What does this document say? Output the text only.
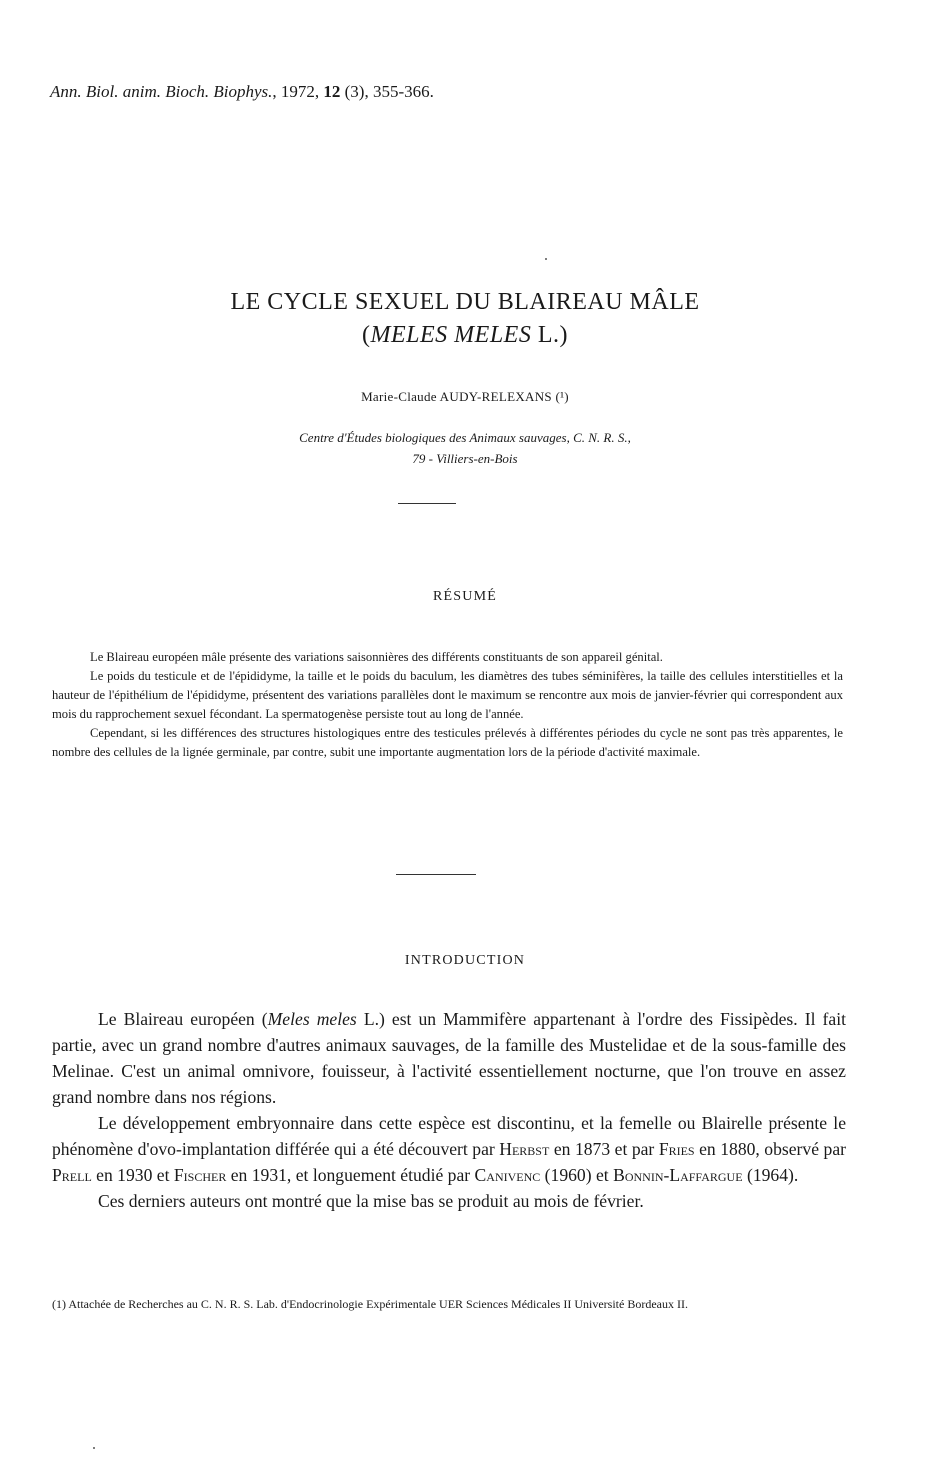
Ann. Biol. anim. Bioch. Biophys., 1972, 12 (3), 355-366.
LE CYCLE SEXUEL DU BLAIREAU MÂLE
(MELES MELES L.)
Marie-Claude AUDY-RELEXANS (¹)
Centre d'Études biologiques des Animaux sauvages, C. N. R. S.,
79 - Villiers-en-Bois
RÉSUMÉ

Le Blaireau européen mâle présente des variations saisonnières des différents constituants de son appareil génital.

Le poids du testicule et de l'épididyme, la taille et le poids du baculum, les diamètres des tubes séminifères, la taille des cellules interstitielles et la hauteur de l'épithélium de l'épididyme, présentent des variations parallèles dont le maximum se rencontre aux mois de janvier-février qui correspondent aux mois du rapprochement sexuel fécondant. La spermatogenèse persiste tout au long de l'année.

Cependant, si les différences des structures histologiques entre des testicules prélevés à différentes périodes du cycle ne sont pas très apparentes, le nombre des cellules de la lignée germinale, par contre, subit une importante augmentation lors de la période d'activité maximale.

INTRODUCTION

Le Blaireau européen (Meles meles L.) est un Mammifère appartenant à l'ordre des Fissipèdes. Il fait partie, avec un grand nombre d'autres animaux sauvages, de la famille des Mustelidae et de la sous-famille des Melinae. C'est un animal omnivore, fouisseur, à l'activité essentiellement nocturne, que l'on trouve en assez grand nombre dans nos régions.

Le développement embryonnaire dans cette espèce est discontinu, et la femelle ou Blairelle présente le phénomène d'ovo-implantation différée qui a été découvert par Herbst en 1873 et par Fries en 1880, observé par Prell en 1930 et Fischer en 1931, et longuement étudié par Canivenc (1960) et Bonnin-Laffargue (1964).

Ces derniers auteurs ont montré que la mise bas se produit au mois de février.

(1) Attachée de Recherches au C. N. R. S. Lab. d'Endocrinologie Expérimentale UER Sciences Médicales II Université Bordeaux II.
